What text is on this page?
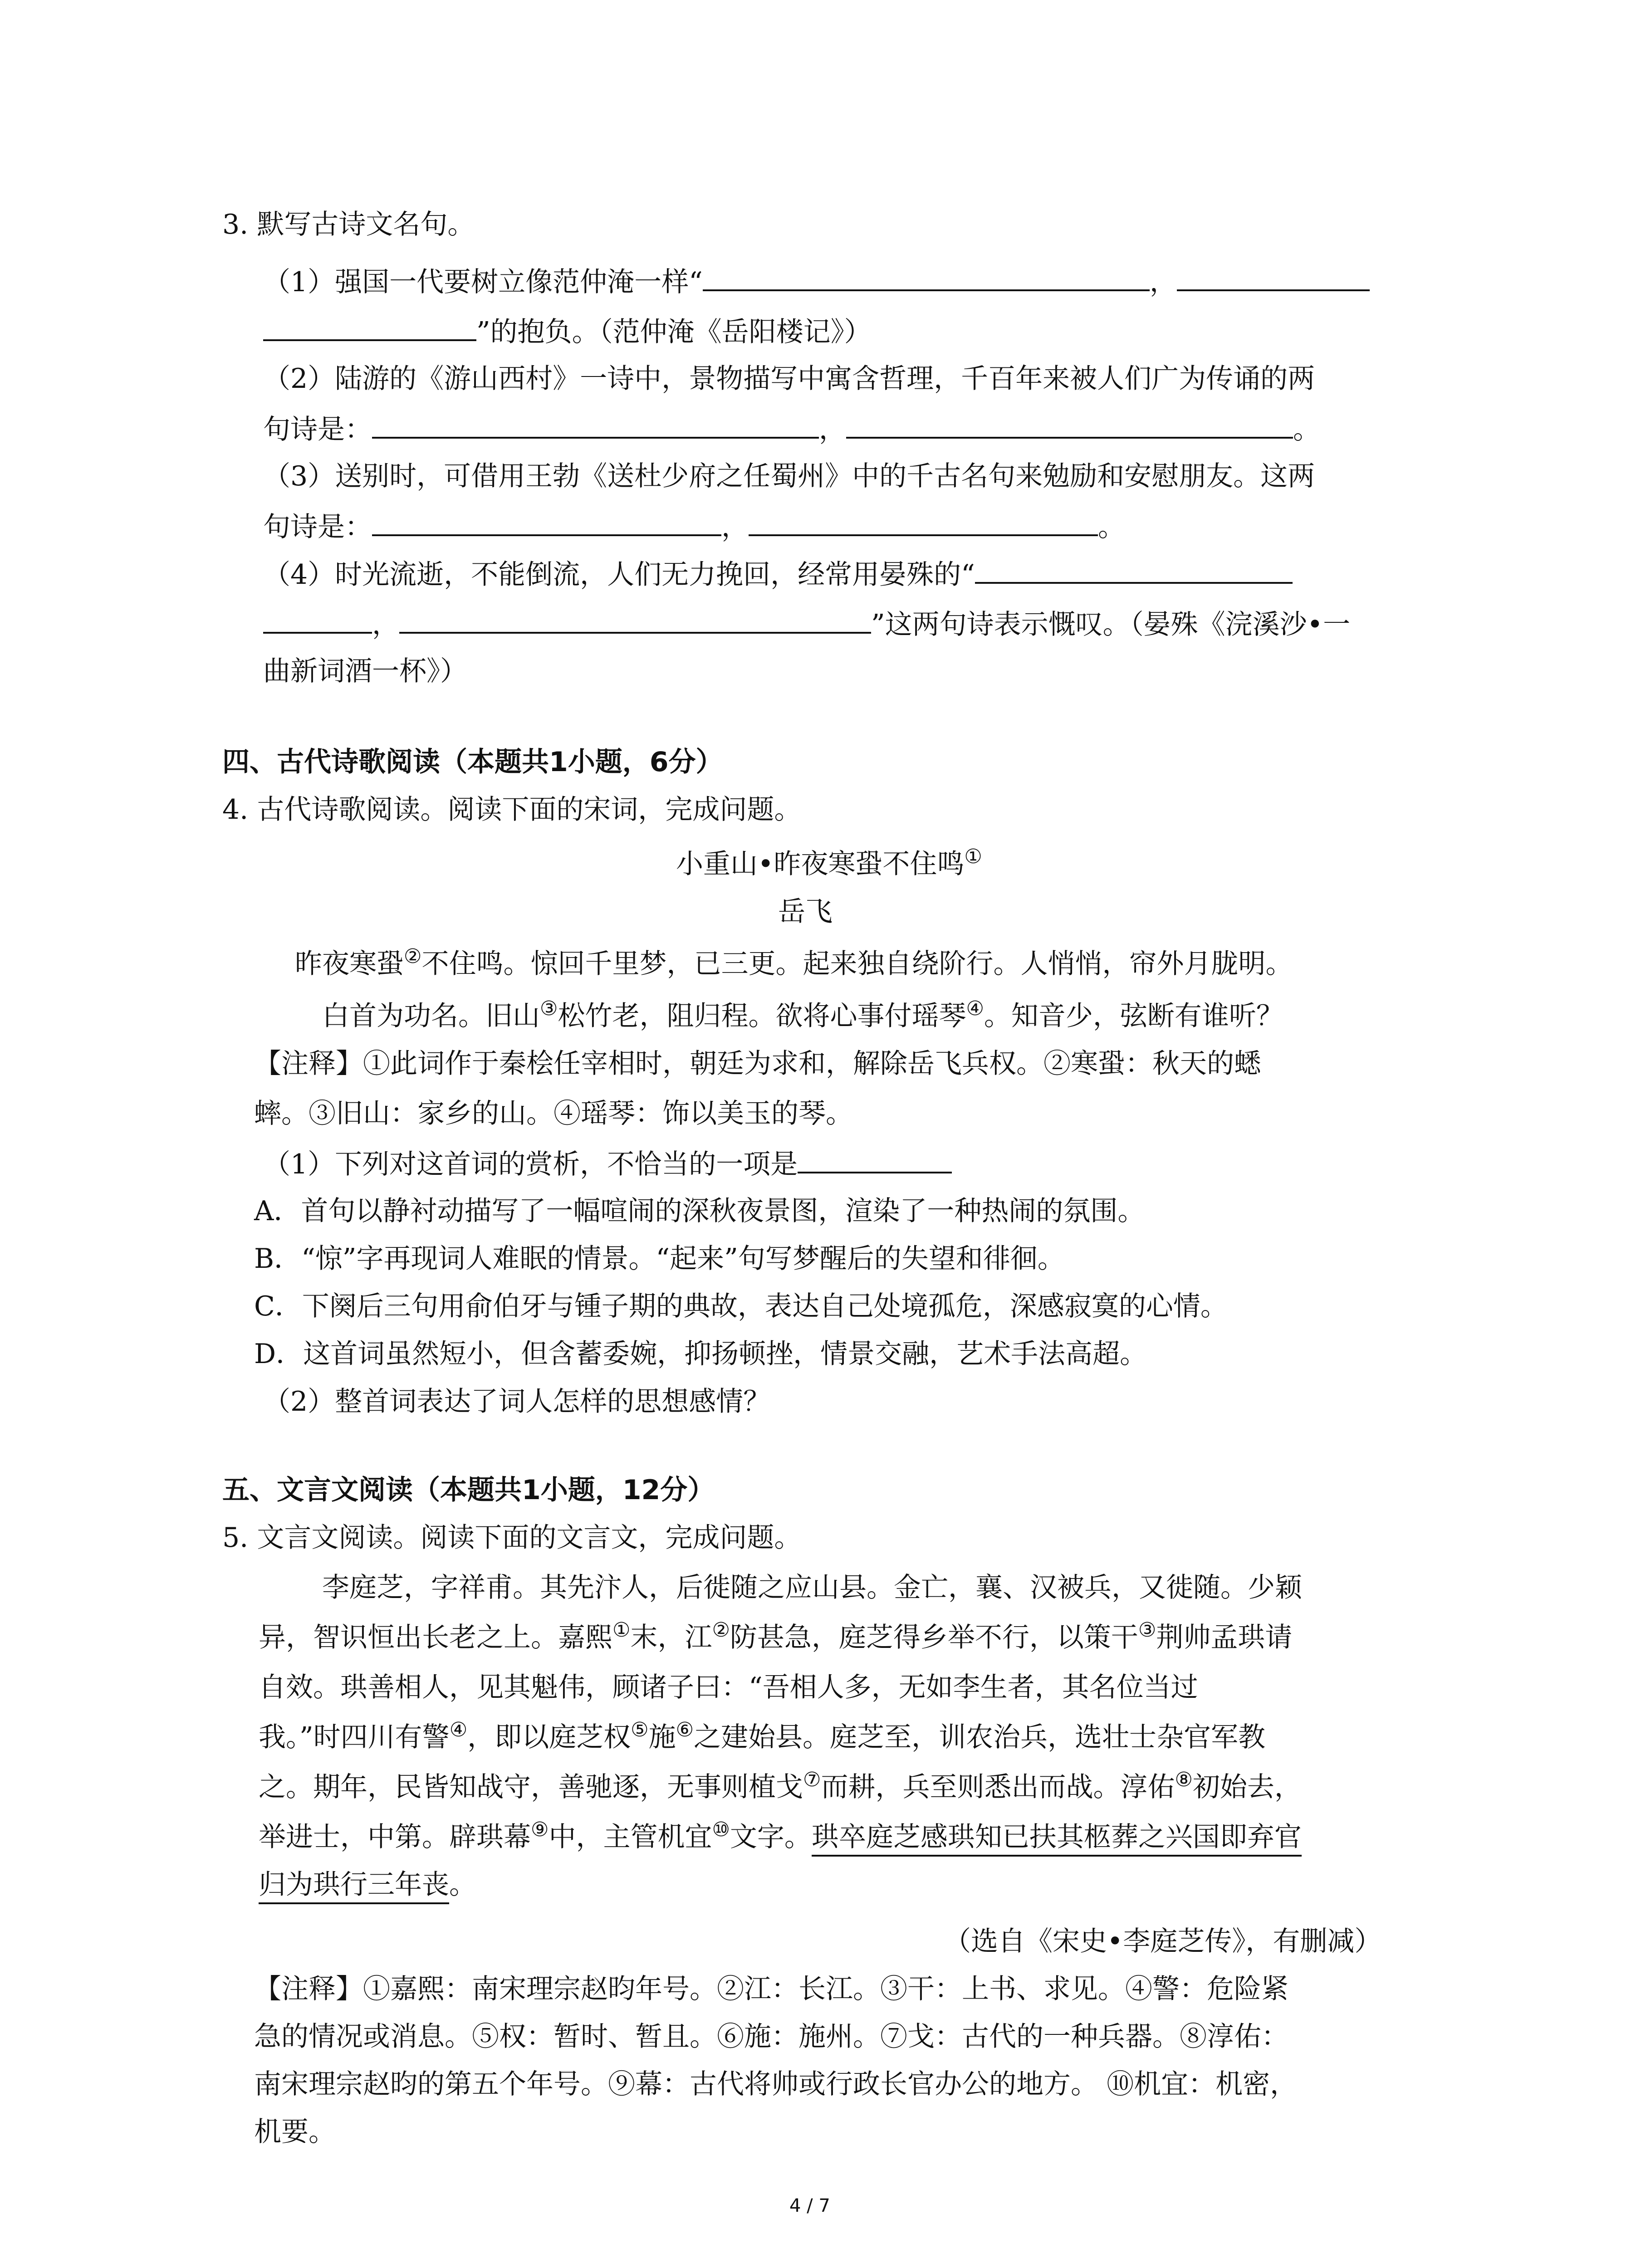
3. 默写古诗文名句。
（1）强国一代要树立像范仲淹一样“	，
”的抱负。（范仲淹《岳阳楼记》）
（2）陆游的《游山西村》一诗中，景物描写中寓含哲理，千百年来被人们广为传诵的两
句诗是：	，	。
（3）送别时，可借用王勃《送杜少府之任蜀州》中的千古名句来勉励和安慰朋友。这两
句诗是：	，	。
（4）时光流逝，不能倒流，人们无力挽回，经常用晏殊的“
，	”这两句诗表示慨叹。（晏殊《浣溪沙•一
曲新词酒一杯》）
四、古代诗歌阅读（本题共1小题，6分）
4. 古代诗歌阅读。阅读下面的宋词，完成问题。
小重山•昨夜寒蛩不住鸣①
岳飞
昨夜寒蛩②不住鸣。惊回千里梦，已三更。起来独自绕阶行。人悄悄，帘外月胧明。
白首为功名。旧山③松竹老，阻归程。欲将心事付瑶琴④。知音少，弦断有谁听？
【注释】①此词作于秦桧任宰相时，朝廷为求和，解除岳飞兵权。②寒蛩：秋天的蟋
蟀。③旧山：家乡的山。④瑶琴：饰以美玉的琴。
（1）下列对这首词的赏析，不恰当的一项是
A．首句以静衬动描写了一幅喧闹的深秋夜景图，渲染了一种热闹的氛围。
B．“惊”字再现词人难眠的情景。“起来”句写梦醒后的失望和徘徊。
C．下阕后三句用俞伯牙与锺子期的典故，表达自己处境孤危，深感寂寞的心情。
D．这首词虽然短小，但含蓄委婉，抑扬顿挫，情景交融，艺术手法高超。
（2）整首词表达了词人怎样的思想感情？
五、文言文阅读（本题共1小题，12分）
5. 文言文阅读。阅读下面的文言文，完成问题。
李庭芝，字祥甫。其先汴人，后徙随之应山县。金亡，襄、汉被兵，又徙随。少颖
异，智识恒出长老之上。嘉熙①末，江②防甚急，庭芝得乡举不行，以策干③荆帅孟珙请
自效。珙善相人，见其魁伟，顾诸子曰：“吾相人多，无如李生者，其名位当过
我。”时四川有警④，即以庭芝权⑤施⑥之建始县。庭芝至，训农治兵，选壮士杂官军教
之。期年，民皆知战守，善驰逐，无事则植戈⑦而耕，兵至则悉出而战。淳佑⑧初始去，
举进士，中第。辟珙幕⑨中，主管机宜⑩文字。珙卒庭芝感珙知已扶其柩葬之兴国即弃官
归为珙行三年丧。
（选自《宋史•李庭芝传》，有删减）
【注释】①嘉熙：南宋理宗赵昀年号。②江：长江。③干：上书、求见。④警：危险紧
急的情况或消息。⑤权：暂时、暂且。⑥施：施州。⑦戈：古代的一种兵器。⑧淳佑：
南宋理宗赵昀的第五个年号。⑨幕：古代将帅或行政长官办公的地方。 ⑩机宜：机密，
机要。
4 / 7
